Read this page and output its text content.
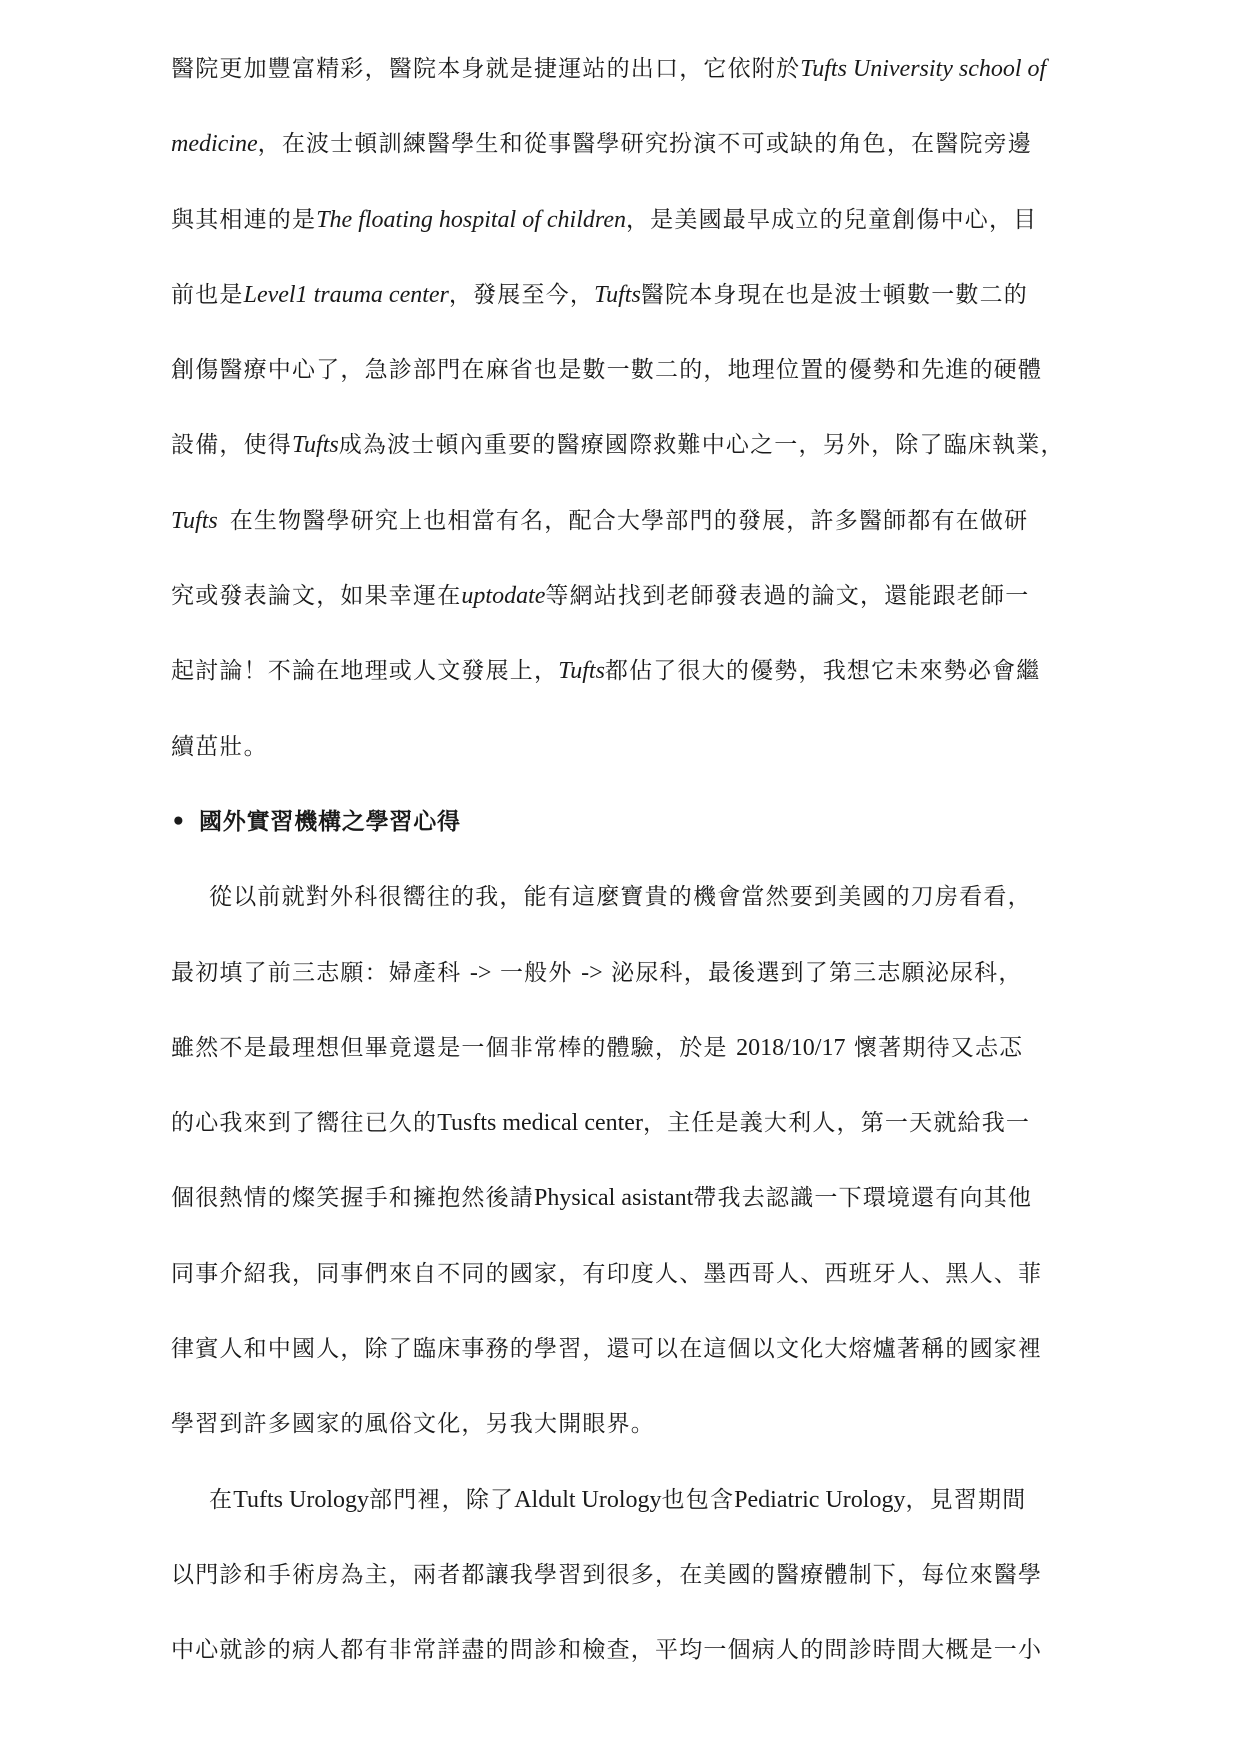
醫院更加豐富精彩，醫院本身就是捷運站的出口，它依附於Tufts University school of
medicine，在波士頓訓練醫學生和從事醫學研究扮演不可或缺的角色，在醫院旁邊
與其相連的是The floating hospital of children，是美國最早成立的兒童創傷中心，目
前也是Level1 trauma center，發展至今，Tufts醫院本身現在也是波士頓數一數二的
創傷醫療中心了，急診部門在麻省也是數一數二的，地理位置的優勢和先進的硬體
設備，使得Tufts成為波士頓內重要的醫療國際救難中心之一，另外，除了臨床執業，
Tufts 在生物醫學研究上也相當有名，配合大學部門的發展，許多醫師都有在做研
究或發表論文，如果幸運在uptodate等網站找到老師發表過的論文，還能跟老師一
起討論！不論在地理或人文發展上，Tufts都佔了很大的優勢，我想它未來勢必會繼
續茁壯。
• 國外實習機構之學習心得
從以前就對外科很嚮往的我，能有這麼寶貴的機會當然要到美國的刀房看看，
最初填了前三志願：婦產科 -> 一般外 -> 泌尿科，最後選到了第三志願泌尿科，
雖然不是最理想但畢竟還是一個非常棒的體驗，於是 2018/10/17 懷著期待又忐忑
的心我來到了嚮往已久的Tusfts medical center，主任是義大利人，第一天就給我一
個很熱情的燦笑握手和擁抱然後請Physical asistant帶我去認識一下環境還有向其他
同事介紹我，同事們來自不同的國家，有印度人、墨西哥人、西班牙人、黑人、菲
律賓人和中國人，除了臨床事務的學習，還可以在這個以文化大熔爐著稱的國家裡
學習到許多國家的風俗文化，另我大開眼界。
在Tufts Urology部門裡，除了Aldult Urology也包含Pediatric Urology，見習期間
以門診和手術房為主，兩者都讓我學習到很多，在美國的醫療體制下，每位來醫學
中心就診的病人都有非常詳盡的問診和檢查，平均一個病人的問診時間大概是一小
